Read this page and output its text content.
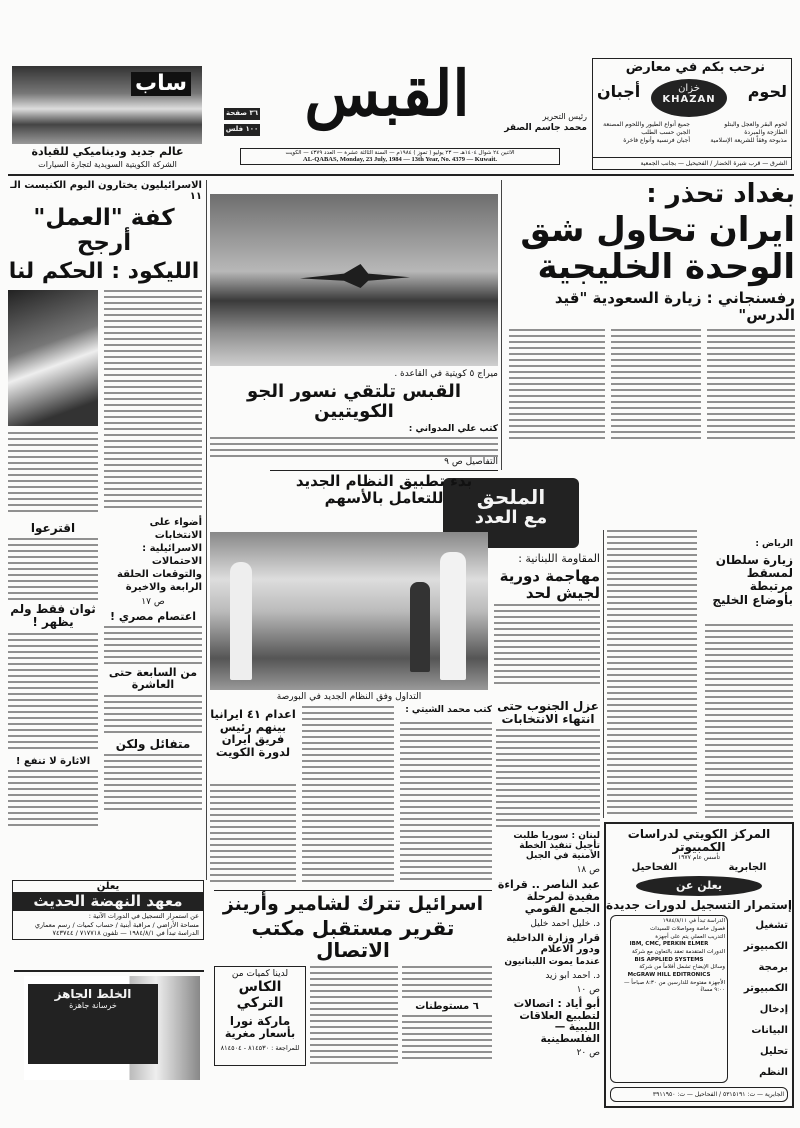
ساب
عالم جديد وديناميكي للقيادة
الشركة الكويتية السويدية لتجارة السيارات
٣٦ صفحة
١٠٠ فلس القبس	رئيس التحرير
محمد جاسم الصقر
الاثنين ٢٤ شوال ١٤٠٤هـ — ٢٣ يوليو ( تموز ) ١٩٨٤م — السنة الثالثة عشرة — العدد ٤٣٧٩ — الكويت
AL-QABAS, Monday, 23 July, 1984 — 13th Year, No. 4379 — Kuwait.
نرحب بكم في معارض
لحوم
أجبان	خزان
KHAZAN
لحوم البقر والعجل والبتلو
جميع أنواع الطيور واللحوم المصنعة
الطازجة والمبردة
الجبن حسب الطلب
مذبوحة وفقاً للشريعة الإسلامية
أجبان فرنسية وأنواع فاخرة
الشرق — قرب شيرة الخضار / الفحيحيل — بجانب الجمعية
بغداد تحذر :
ايران تحاول شق الوحدة الخليجية
رفسنجاني : زيارة السعودية "قيد الدرس"
الرياض :
زيارة سلطان لمسقط مرتبطة بأوضاع الخليج
الملحق
مع العدد
المقاومة اللبنانية :
مهاجمة دورية لجيش لحد
عزل الجنوب حتى انتهاء الانتخابات
لبنان : سوريا طلبت تأجيل تنفيذ الخطة الأمنية في الجبل
ص ١٨
عبد الناصر .. قراءة مفيدة لمرحلة الجمع القومي
د. خليل احمد خليل
قرار وزارة الداخلية ودور الاعلام
عندما يموت اللبنانيون
د. احمد ابو زيد
ص ١٠
أبو أياد : اتصالات لتطبيع العلاقات الليبية — الفلسطينية
ص ٢٠
المركز الكويتي لدراسات الكمبيوتر
تأسس عام ١٩٧٧
الجابرية
الفحاحيل
يعلن عن
إستمرار التسجيل لدورات جديدة
تشغيل الكمبيوتر
برمجة الكمبيوتر
إدخال البيانات
تحليل النظم
الدراسة تبدأ في ١٩٨٤/٨/١١
فصول خاصة ومواصلات للسيدات
التدريب العملي يتم على أجهزة
IBM, CMC, PERKIN ELMER
الدورات المتقدمة تعقد بالتعاون مع شركة
BIS APPLIED SYSTEMS
وسائل الإيضاح تشمل أفلاماً من شركة
McGRAW HILL EDITRONICS
الأجهزة مفتوحة للدارسين من ٨:٣٠ صباحاً — ٩:٠٠ مساءً
الجابرية — ت: ٥٣١٥١٩١ / الفحاحيل — ت: ٣٩١١٩٥٠
ميراج ٥ كويتية في القاعدة .
القبس تلتقي نسور الجو الكويتيين
كتب علي المدواني :
التفاصيل ص ٩
بدء تطبيق النظام الجديد للتعامل بالأسهم
التداول وفق النظام الجديد في البورصة
كتب محمد الشيتي :
اعدام ٤١ ايرانيا بينهم رئيس فريق ايران لدورة الكويت
اسرائيل تترك لشامير وأرينز
تقرير مستقبل مكتب الاتصال
٦ مستوطنات
لدينا كميات من
الكاس التركي
ماركة نورا
بأسعار مغرية
للمراجعة : ٨١٤٥٣٠ - ٨١٤٥٠٤
الاسرائيليون يختارون اليوم الكنيست الـ ١١
كفة "العمل" أرجح
الليكود : الحكم لنا
اقترعوا
ثوان فقط ولم يظهر !
الاثارة لا تنفع !
أضواء على الانتخابات الاسرائيلية : الاحتمالات والتوقعات الحلقة الرابعة والاخيرة
ص ١٧
اعتصام مصري !
من السابعة حتى العاشرة
متفائل ولكن
يعلن
معهد النهضة الحديث
عن استمرار التسجيل في الدورات الآتية :
مساحة الأراضي / مراقبة أبنية / حساب كميات / رسم معماري
الدراسة تبدأ في ١٩٨٤/٨/١ — تلفون ٧١٧٧١٨ / ٧٤٣٧٤٤
الخلط الجاهز
خرسانة جاهزة
